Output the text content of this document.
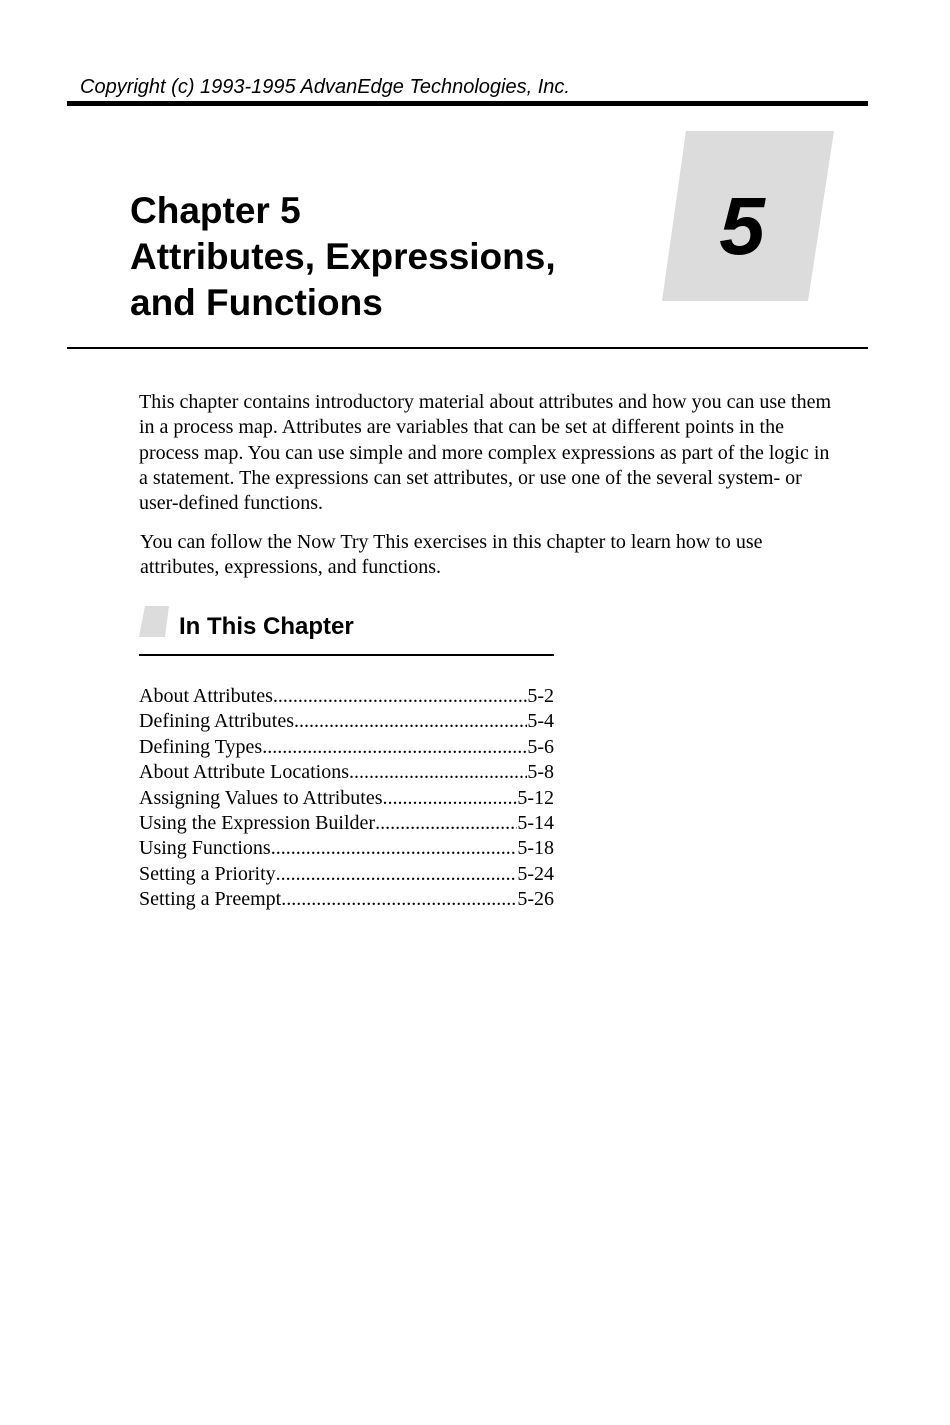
Copyright (c) 1993-1995 AdvanEdge Technologies, Inc.
Chapter 5
Attributes, Expressions,
and Functions
5

This chapter contains introductory material about attributes and how you can use them in a process map. Attributes are variables that can be set at different points in the process map. You can use simple and more complex expressions as part of the logic in a statement. The expressions can set attributes, or use one of the several system- or user-defined functions.

You can follow the Now Try This exercises in this chapter to learn how to use attributes, expressions, and functions.

In This Chapter
About Attributes .....	5-2
Defining Attributes .....	5-4
Defining Types .....	5-6
About Attribute Locations .....	5-8
Assigning Values to Attributes .....	5-12
Using the Expression Builder .....	5-14
Using Functions .....	5-18
Setting a Priority .....	5-24
Setting a Preempt .....	5-26
